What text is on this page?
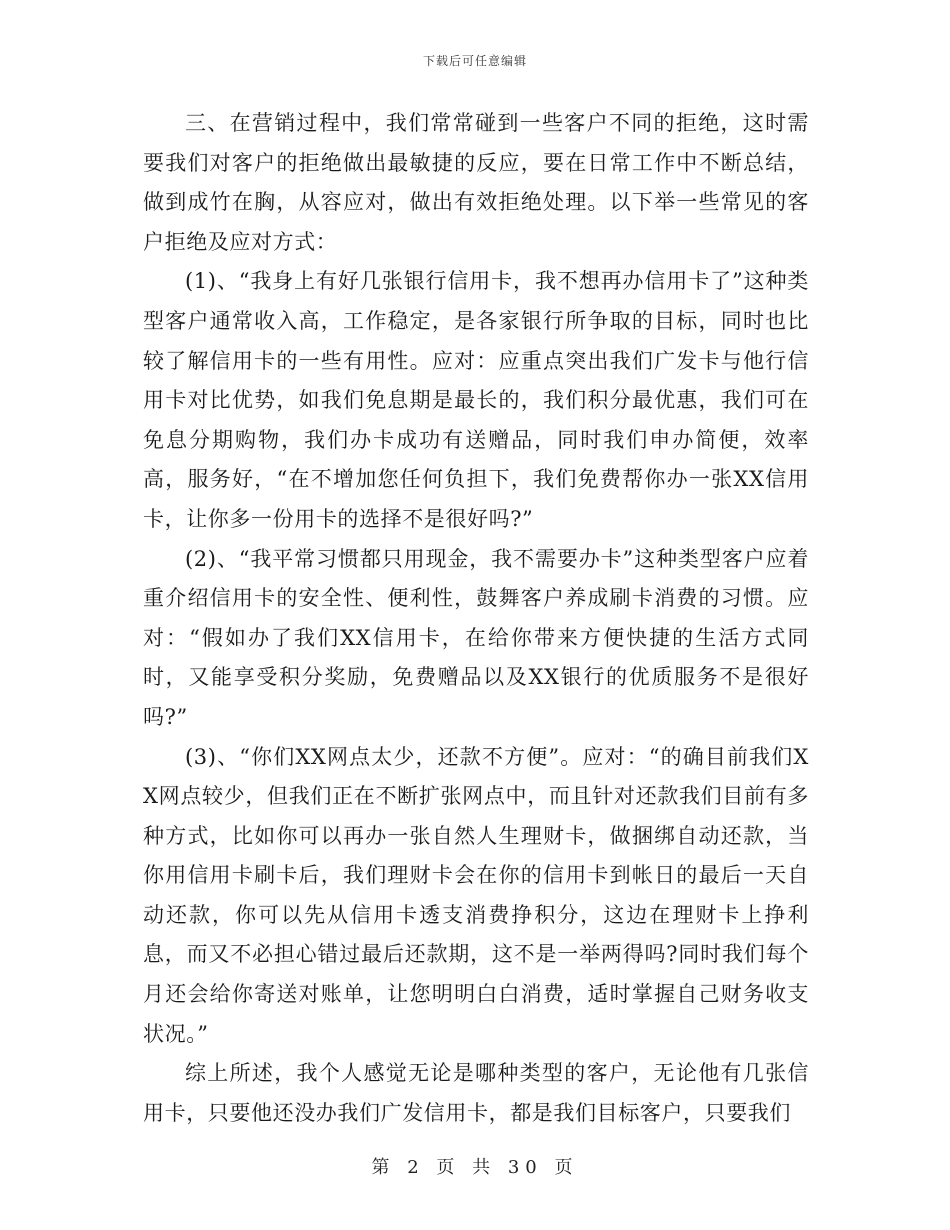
下载后可任意编辑

三、在营销过程中，我们常常碰到一些客户不同的拒绝，这时需要我们对客户的拒绝做出最敏捷的反应，要在日常工作中不断总结，做到成竹在胸，从容应对，做出有效拒绝处理。以下举一些常见的客户拒绝及应对方式：

(1)、“我身上有好几张银行信用卡，我不想再办信用卡了”这种类型客户通常收入高，工作稳定，是各家银行所争取的目标，同时也比较了解信用卡的一些有用性。应对：应重点突出我们广发卡与他行信用卡对比优势，如我们免息期是最长的，我们积分最优惠，我们可在免息分期购物，我们办卡成功有送赠品，同时我们申办简便，效率高，服务好，“在不增加您任何负担下，我们免费帮你办一张XX信用卡，让你多一份用卡的选择不是很好吗?”

(2)、“我平常习惯都只用现金，我不需要办卡”这种类型客户应着重介绍信用卡的安全性、便利性，鼓舞客户养成刷卡消费的习惯。应对：“假如办了我们XX信用卡，在给你带来方便快捷的生活方式同时，又能享受积分奖励，免费赠品以及XX银行的优质服务不是很好吗?”

(3)、“你们XX网点太少，还款不方便”。应对：“的确目前我们XX网点较少，但我们正在不断扩张网点中，而且针对还款我们目前有多种方式，比如你可以再办一张自然人生理财卡，做捆绑自动还款，当你用信用卡刷卡后，我们理财卡会在你的信用卡到帐日的最后一天自动还款，你可以先从信用卡透支消费挣积分，这边在理财卡上挣利息，而又不必担心错过最后还款期，这不是一举两得吗?同时我们每个月还会给你寄送对账单，让您明明白白消费，适时掌握自己财务收支状况。”

综上所述，我个人感觉无论是哪种类型的客户，无论他有几张信用卡，只要他还没办我们广发信用卡，都是我们目标客户，只要我们

第 2 页 共 30 页
